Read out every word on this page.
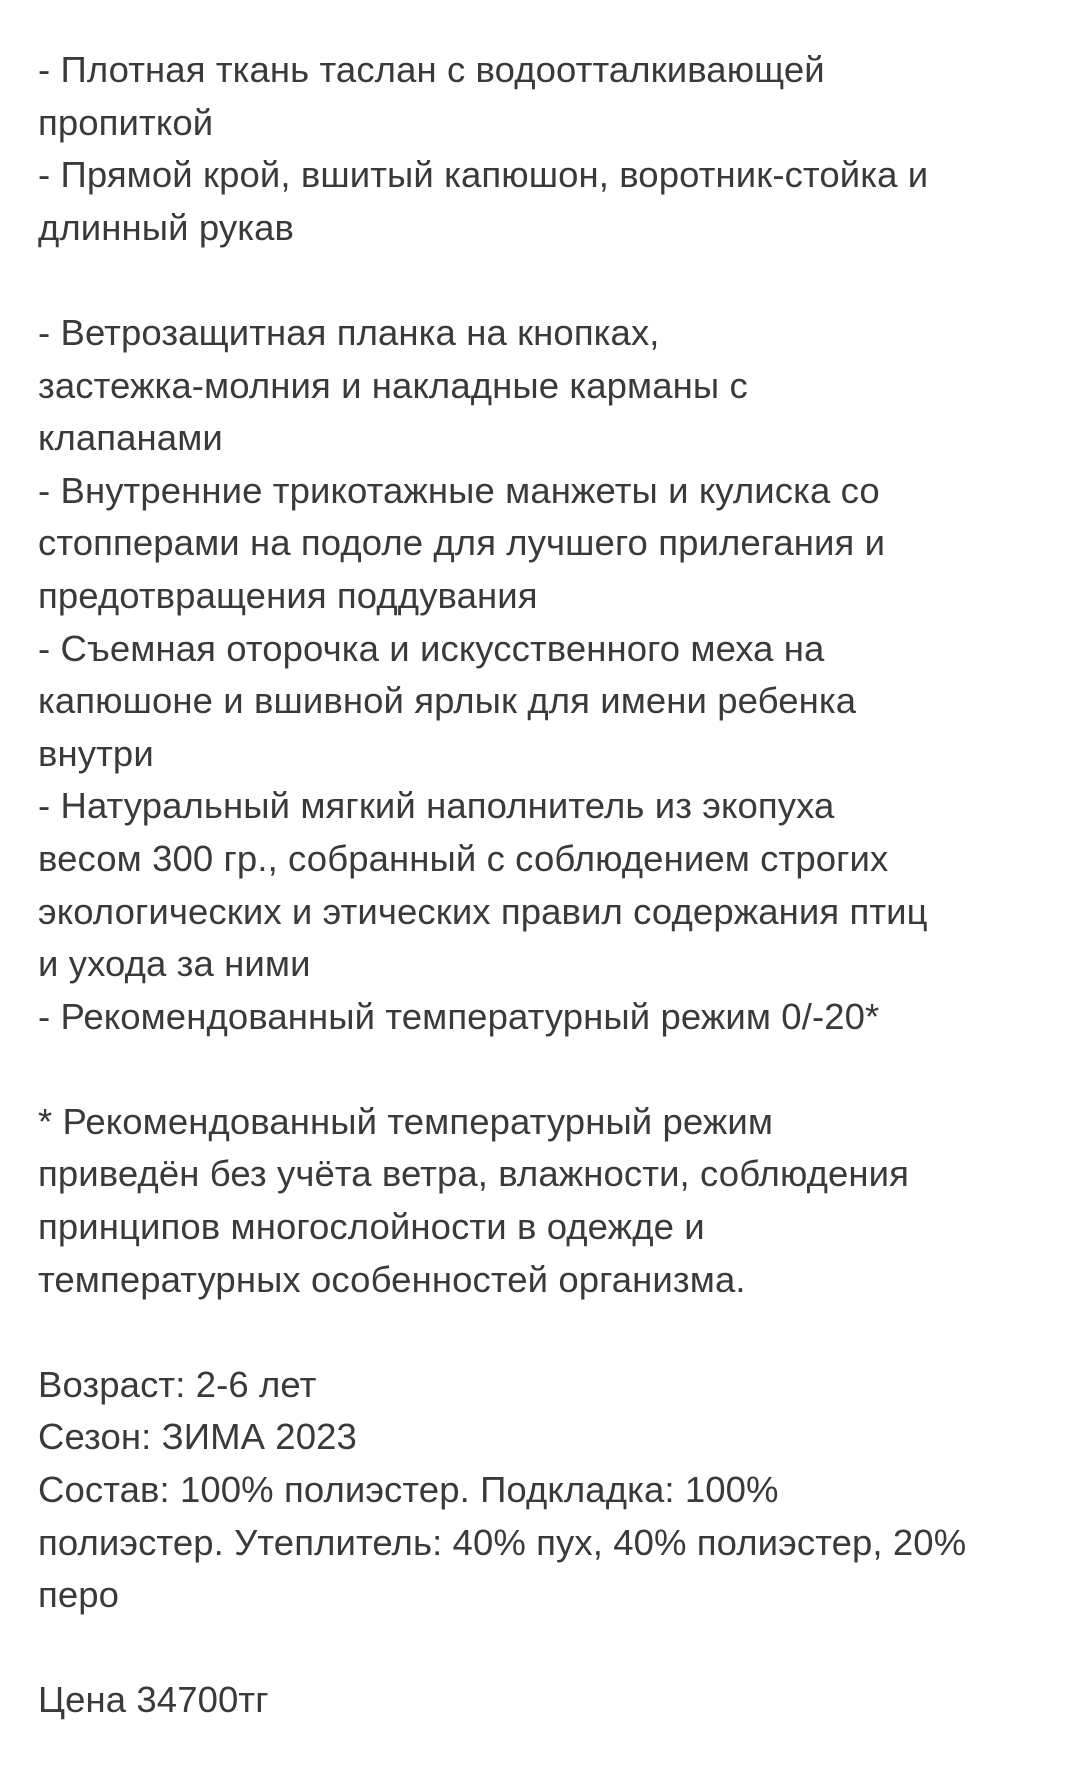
- Плотная ткань таслан с водоотталкивающей
пропиткой
- Прямой крой, вшитый капюшон, воротник-стойка и
длинный рукав
- Ветрозащитная планка на кнопках,
застежка-молния и накладные карманы с
клапанами
- Внутренние трикотажные манжеты и кулиска со
стопперами на подоле для лучшего прилегания и
предотвращения поддувания
- Съемная оторочка и искусственного меха на
капюшоне и вшивной ярлык для имени ребенка
внутри
- Натуральный мягкий наполнитель из экопуха
весом 300 гр., собранный с соблюдением строгих
экологических и этических правил содержания птиц
и ухода за ними
- Рекомендованный температурный режим 0/-20*
* Рекомендованный температурный режим
приведён без учёта ветра, влажности, соблюдения
принципов многослойности в одежде и
температурных особенностей организма.
Возраст: 2-6 лет
Сезон: ЗИМА 2023
Состав: 100% полиэстер. Подкладка: 100%
полиэстер. Утеплитель: 40% пух, 40% полиэстер, 20%
перо
Цена 34700тг
